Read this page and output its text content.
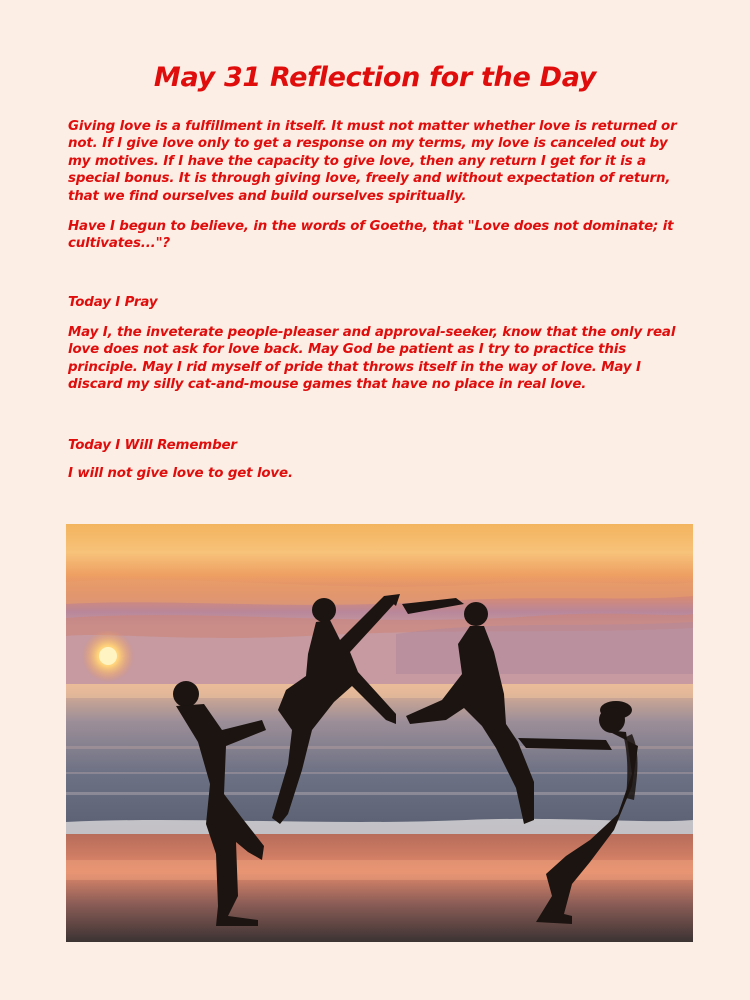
May 31 Reflection for the Day

Giving love is a fulfillment in itself. It must not matter whether love is returned or not. If I give love only to get a response on my terms, my love is canceled out by my motives. If I have the capacity to give love, then any return I get for it is a special bonus. It is through giving love, freely and without expectation of return, that we find ourselves and build ourselves spiritually.

Have I begun to believe, in the words of Goethe, that "Love does not dominate; it cultivates..."?

Today I Pray

May I, the inveterate people-pleaser and approval-seeker, know that the only real love does not ask for love back. May God be patient as I try to practice this principle. May I rid myself of pride that throws itself in the way of love. May I discard my silly cat-and-mouse games that have no place in real love.

Today I Will Remember

I will not give love to get love.
